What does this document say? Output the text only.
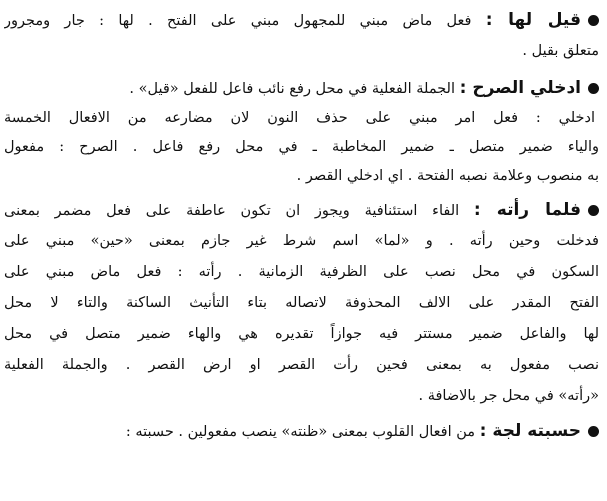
قيل لها : فعل ماض مبني للمجهول مبني على الفتح . لها : جار ومجرور
متعلق بقيل .
ادخلي الصرح : الجملة الفعلية في محل رفع نائب فاعل للفعل «قيل» .
ادخلي : فعل امر مبني على حذف النون لان مضارعه من الافعال الخمسة
والياء ضمير متصل ـ ضمير المخاطبة ـ في محل رفع فاعل . الصرح : مفعول
به منصوب وعلامة نصبه الفتحة . اي ادخلي القصر .
فلما رأته : الفاء استئنافية ويجوز ان تكون عاطفة على فعل مضمر بمعنى
فدخلت وحين رأته . و «لما» اسم شرط غير جازم بمعنى «حين» مبني على
السكون في محل نصب على الظرفية الزمانية . رأته : فعل ماض مبني على
الفتح المقدر على الالف المحذوفة لاتصاله بتاء التأنيث الساكنة والتاء لا محل
لها والفاعل ضمير مستتر فيه جوازاً تقديره هي والهاء ضمير متصل في محل
نصب مفعول به بمعنى فحين رأت القصر او ارض القصر . والجملة الفعلية
«رأته» في محل جر بالاضافة .
حسبته لجة : من افعال القلوب بمعنى «ظنته» ينصب مفعولين . حسبته :
